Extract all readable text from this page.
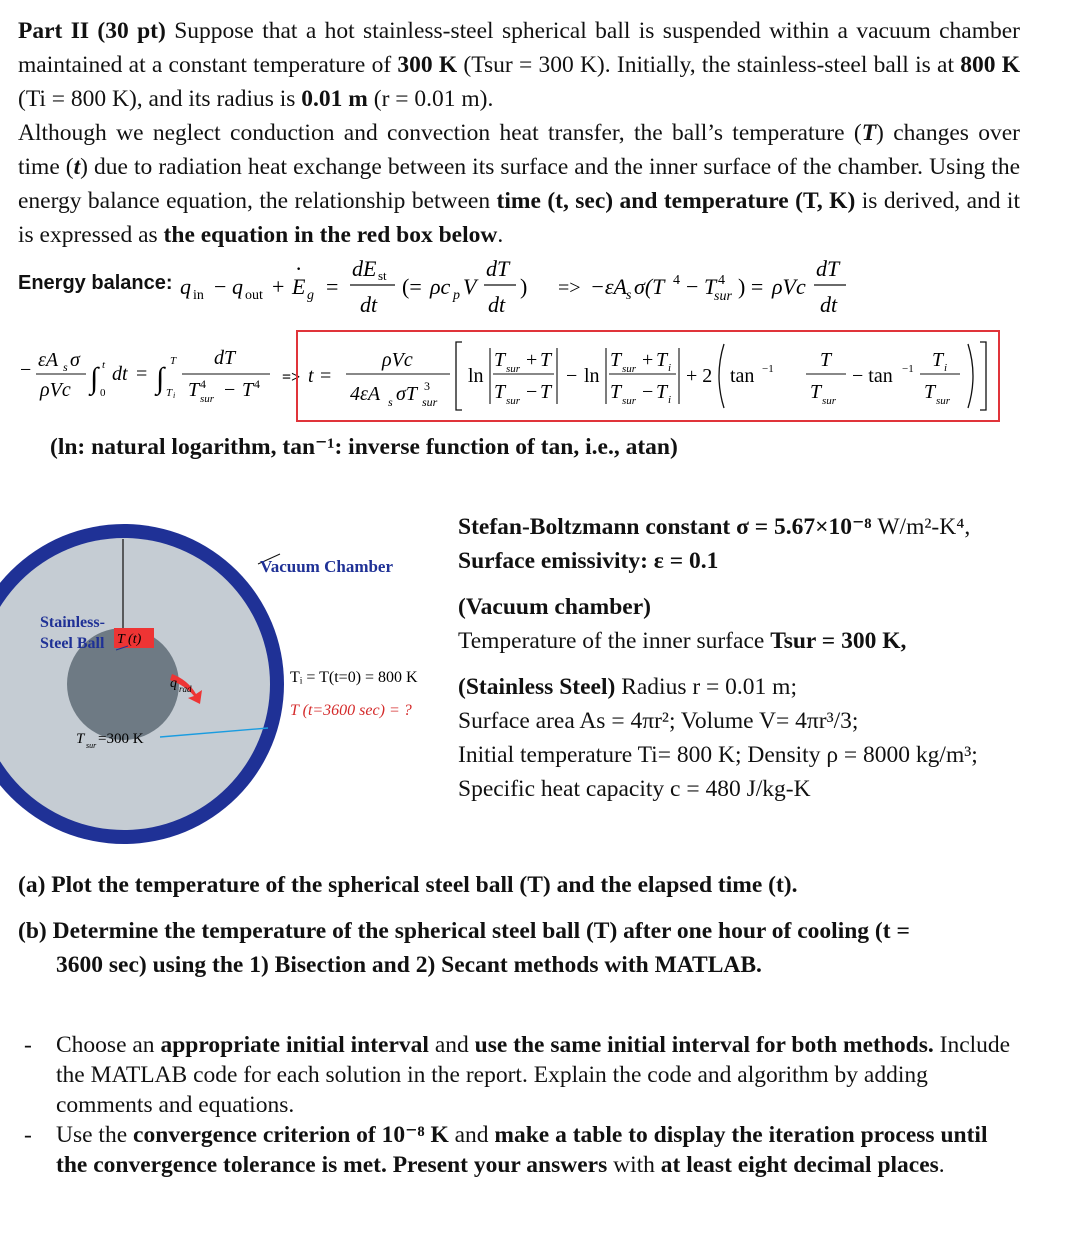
Part II (30 pt) Suppose that a hot stainless-steel spherical ball is suspended within a vacuum chamber maintained at a constant temperature of 300 K (Tsur = 300 K). Initially, the stainless-steel ball is at 800 K (Ti = 800 K), and its radius is 0.01 m (r = 0.01 m).
Although we neglect conduction and convection heat transfer, the ball’s temperature (T) changes over time (t) due to radiation heat exchange between its surface and the inner surface of the chamber. Using the energy balance equation, the relationship between time (t, sec) and temperature (T, K) is derived, and it is expressed as the equation in the red box below.
Energy balance: q in − q out + E
·
g =
dE st
dt
(= ρc p V
dT
dt
) => −εA s σ(T 4 − T 4
sur ) = ρVc
dT
dt
− εA s σ
ρVc ∫ t
0
dt = ∫
T
T i
dT
T 4
sur − T 4 => t =
ρVc
4εA s σT 3
sur
ln
T sur + T
T sur − T
− ln
T sur + T i
T sur − T i
+ 2 tan −1 T
T sur
− tan −1 T i
T sur
(ln: natural logarithm, tan⁻¹: inverse function of tan, i.e., atan)
T (t)
q rad
Stainless-
Steel Ball
T sur =300 K
Vacuum Chamber
Tᵢ = T(t=0) = 800 K
T (t=3600 sec) = ?
Stefan-Boltzmann constant σ = 5.67×10⁻⁸ W/m²-K⁴,
Surface emissivity: ε = 0.1
(Vacuum chamber)
Temperature of the inner surface Tsur = 300 K,
(Stainless Steel) Radius r = 0.01 m;
Surface area As = 4πr²; Volume V= 4πr³/3;
Initial temperature Ti= 800 K; Density ρ = 8000 kg/m³;
Specific heat capacity c = 480 J/kg-K
(a) Plot the temperature of the spherical steel ball (T) and the elapsed time (t).
(b) Determine the temperature of the spherical steel ball (T) after one hour of cooling (t =
3600 sec) using the 1) Bisection and 2) Secant methods with MATLAB.
- Choose an appropriate initial interval and use the same initial interval for both methods. Include the MATLAB code for each solution in the report. Explain the code and algorithm by adding comments and equations.
- Use the convergence criterion of 10⁻⁸ K and make a table to display the iteration process until the convergence tolerance is met. Present your answers with at least eight decimal places.
